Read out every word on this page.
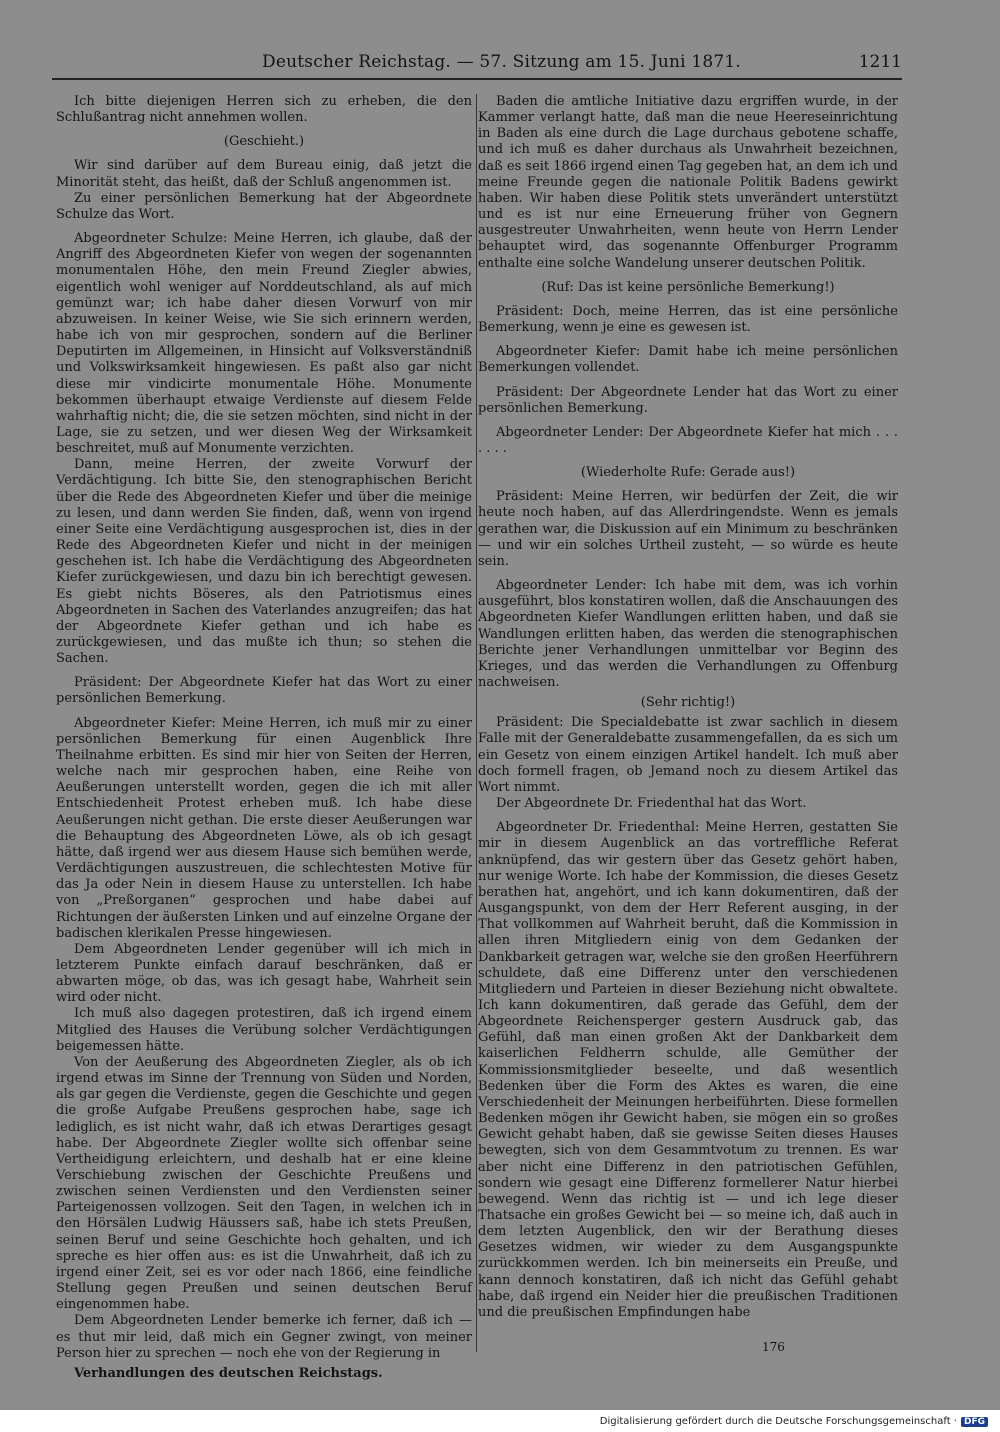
Deutscher Reichstag. — 57. Sitzung am 15. Juni 1871.	1211

Ich bitte diejenigen Herren sich zu erheben, die den Schlußantrag nicht annehmen wollen.

(Geschieht.)

Wir sind darüber auf dem Bureau einig, daß jetzt die Minorität steht, das heißt, daß der Schluß angenommen ist.

Zu einer persönlichen Bemerkung hat der Abgeordnete Schulze das Wort.

Abgeordneter Schulze: Meine Herren, ich glaube, daß der Angriff des Abgeordneten Kiefer von wegen der sogenannten monumentalen Höhe, den mein Freund Ziegler abwies, eigentlich wohl weniger auf Norddeutschland, als auf mich gemünzt war; ich habe daher diesen Vorwurf von mir abzuweisen. In keiner Weise, wie Sie sich erinnern werden, habe ich von mir gesprochen, sondern auf die Berliner Deputirten im Allgemeinen, in Hinsicht auf Volksverständniß und Volkswirksamkeit hingewiesen. Es paßt also gar nicht diese mir vindicirte monumentale Höhe. Monumente bekommen überhaupt etwaige Verdienste auf diesem Felde wahrhaftig nicht; die, die sie setzen möchten, sind nicht in der Lage, sie zu setzen, und wer diesen Weg der Wirksamkeit beschreitet, muß auf Monumente verzichten.

Dann, meine Herren, der zweite Vorwurf der Verdächtigung. Ich bitte Sie, den stenographischen Bericht über die Rede des Abgeordneten Kiefer und über die meinige zu lesen, und dann werden Sie finden, daß, wenn von irgend einer Seite eine Verdächtigung ausgesprochen ist, dies in der Rede des Abgeordneten Kiefer und nicht in der meinigen geschehen ist. Ich habe die Verdächtigung des Abgeordneten Kiefer zurückgewiesen, und dazu bin ich berechtigt gewesen. Es giebt nichts Böseres, als den Patriotismus eines Abgeordneten in Sachen des Vaterlandes anzugreifen; das hat der Abgeordnete Kiefer gethan und ich habe es zurückgewiesen, und das mußte ich thun; so stehen die Sachen.

Präsident: Der Abgeordnete Kiefer hat das Wort zu einer persönlichen Bemerkung.

Abgeordneter Kiefer: Meine Herren, ich muß mir zu einer persönlichen Bemerkung für einen Augenblick Ihre Theilnahme erbitten. Es sind mir hier von Seiten der Herren, welche nach mir gesprochen haben, eine Reihe von Aeußerungen unterstellt worden, gegen die ich mit aller Entschiedenheit Protest erheben muß. Ich habe diese Aeußerungen nicht gethan. Die erste dieser Aeußerungen war die Behauptung des Abgeordneten Löwe, als ob ich gesagt hätte, daß irgend wer aus diesem Hause sich bemühen werde, Verdächtigungen auszustreuen, die schlechtesten Motive für das Ja oder Nein in diesem Hause zu unterstellen. Ich habe von „Preßorganen“ gesprochen und habe dabei auf Richtungen der äußersten Linken und auf einzelne Organe der badischen klerikalen Presse hingewiesen.

Dem Abgeordneten Lender gegenüber will ich mich in letzterem Punkte einfach darauf beschränken, daß er abwarten möge, ob das, was ich gesagt habe, Wahrheit sein wird oder nicht.

Ich muß also dagegen protestiren, daß ich irgend einem Mitglied des Hauses die Verübung solcher Verdächtigungen beigemessen hätte.

Von der Aeußerung des Abgeordneten Ziegler, als ob ich irgend etwas im Sinne der Trennung von Süden und Norden, als gar gegen die Verdienste, gegen die Geschichte und gegen die große Aufgabe Preußens gesprochen habe, sage ich lediglich, es ist nicht wahr, daß ich etwas Derartiges gesagt habe. Der Abgeordnete Ziegler wollte sich offenbar seine Vertheidigung erleichtern, und deshalb hat er eine kleine Verschiebung zwischen der Geschichte Preußens und zwischen seinen Verdiensten und den Verdiensten seiner Parteigenossen vollzogen. Seit den Tagen, in welchen ich in den Hörsälen Ludwig Häussers saß, habe ich stets Preußen, seinen Beruf und seine Geschichte hoch gehalten, und ich spreche es hier offen aus: es ist die Unwahrheit, daß ich zu irgend einer Zeit, sei es vor oder nach 1866, eine feindliche Stellung gegen Preußen und seinen deutschen Beruf eingenommen habe.

Dem Abgeordneten Lender bemerke ich ferner, daß ich — es thut mir leid, daß mich ein Gegner zwingt, von meiner Person hier zu sprechen — noch ehe von der Regierung in

Verhandlungen des deutschen Reichstags.

Baden die amtliche Initiative dazu ergriffen wurde, in der Kammer verlangt hatte, daß man die neue Heereseinrichtung in Baden als eine durch die Lage durchaus gebotene schaffe, und ich muß es daher durchaus als Unwahrheit bezeichnen, daß es seit 1866 irgend einen Tag gegeben hat, an dem ich und meine Freunde gegen die nationale Politik Badens gewirkt haben. Wir haben diese Politik stets unverändert unterstützt und es ist nur eine Erneuerung früher von Gegnern ausgestreuter Unwahrheiten, wenn heute von Herrn Lender behauptet wird, das sogenannte Offenburger Programm enthalte eine solche Wandelung unserer deutschen Politik.

(Ruf: Das ist keine persönliche Bemerkung!)

Präsident: Doch, meine Herren, das ist eine persönliche Bemerkung, wenn je eine es gewesen ist.

Abgeordneter Kiefer: Damit habe ich meine persönlichen Bemerkungen vollendet.

Präsident: Der Abgeordnete Lender hat das Wort zu einer persönlichen Bemerkung.

Abgeordneter Lender: Der Abgeordnete Kiefer hat mich . . . . . . .

(Wiederholte Rufe: Gerade aus!)

Präsident: Meine Herren, wir bedürfen der Zeit, die wir heute noch haben, auf das Allerdringendste. Wenn es jemals gerathen war, die Diskussion auf ein Minimum zu beschränken — und wir ein solches Urtheil zusteht, — so würde es heute sein.

Abgeordneter Lender: Ich habe mit dem, was ich vorhin ausgeführt, blos konstatiren wollen, daß die Anschauungen des Abgeordneten Kiefer Wandlungen erlitten haben, und daß sie Wandlungen erlitten haben, das werden die stenographischen Berichte jener Verhandlungen unmittelbar vor Beginn des Krieges, und das werden die Verhandlungen zu Offenburg nachweisen.

(Sehr richtig!)

Präsident: Die Specialdebatte ist zwar sachlich in diesem Falle mit der Generaldebatte zusammengefallen, da es sich um ein Gesetz von einem einzigen Artikel handelt. Ich muß aber doch formell fragen, ob Jemand noch zu diesem Artikel das Wort nimmt.

Der Abgeordnete Dr. Friedenthal hat das Wort.

Abgeordneter Dr. Friedenthal: Meine Herren, gestatten Sie mir in diesem Augenblick an das vortreffliche Referat anknüpfend, das wir gestern über das Gesetz gehört haben, nur wenige Worte. Ich habe der Kommission, die dieses Gesetz berathen hat, angehört, und ich kann dokumentiren, daß der Ausgangspunkt, von dem der Herr Referent ausging, in der That vollkommen auf Wahrheit beruht, daß die Kommission in allen ihren Mitgliedern einig von dem Gedanken der Dankbarkeit getragen war, welche sie den großen Heerführern schuldete, daß eine Differenz unter den verschiedenen Mitgliedern und Parteien in dieser Beziehung nicht obwaltete. Ich kann dokumentiren, daß gerade das Gefühl, dem der Abgeordnete Reichensperger gestern Ausdruck gab, das Gefühl, daß man einen großen Akt der Dankbarkeit dem kaiserlichen Feldherrn schulde, alle Gemüther der Kommissionsmitglieder beseelte, und daß wesentlich Bedenken über die Form des Aktes es waren, die eine Verschiedenheit der Meinungen herbeiführten. Diese formellen Bedenken mögen ihr Gewicht haben, sie mögen ein so großes Gewicht gehabt haben, daß sie gewisse Seiten dieses Hauses bewegten, sich von dem Gesammtvotum zu trennen. Es war aber nicht eine Differenz in den patriotischen Gefühlen, sondern wie gesagt eine Differenz formellerer Natur hierbei bewegend. Wenn das richtig ist — und ich lege dieser Thatsache ein großes Gewicht bei — so meine ich, daß auch in dem letzten Augenblick, den wir der Berathung dieses Gesetzes widmen, wir wieder zu dem Ausgangspunkte zurückkommen werden. Ich bin meinerseits ein Preuße, und kann dennoch konstatiren, daß ich nicht das Gefühl gehabt habe, daß irgend ein Neider hier die preußischen Traditionen und die preußischen Empfindungen habe

176
Digitalisierung gefördert durch die Deutsche Forschungsgemeinschaft · DFG
